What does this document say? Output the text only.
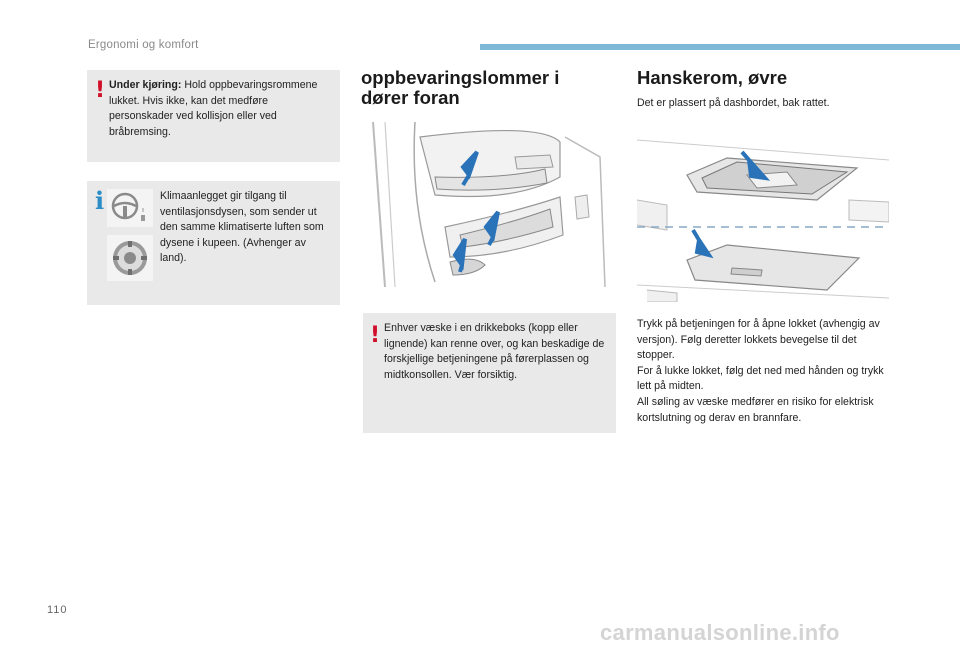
Ergonomi og komfort
! Under kjøring: Hold oppbevaringsrommene lukket. Hvis ikke, kan det medføre personskader ved kollisjon eller ved bråbremsing.
i	Klimaanlegget gir tilgang til ventilasjonsdysen, som sender ut den samme klimatiserte luften som dysene i kupeen. (Avhenger av land).
oppbevaringslommer i dører foran
! Enhver væske i en drikkeboks (kopp eller lignende) kan renne over, og kan beskadige de forskjellige betjeningene på førerplassen og midtkonsollen. Vær forsiktig.
Hanskerom, øvre
Det er plassert på dashbordet, bak rattet.
Trykk på betjeningen for å åpne lokket (avhengig av versjon). Følg deretter lokkets bevegelse til det stopper.
For å lukke lokket, følg det ned med hånden og trykk lett på midten.
All søling av væske medfører en risiko for elektrisk kortslutning og derav en brannfare.
110
carmanualsonline.info
